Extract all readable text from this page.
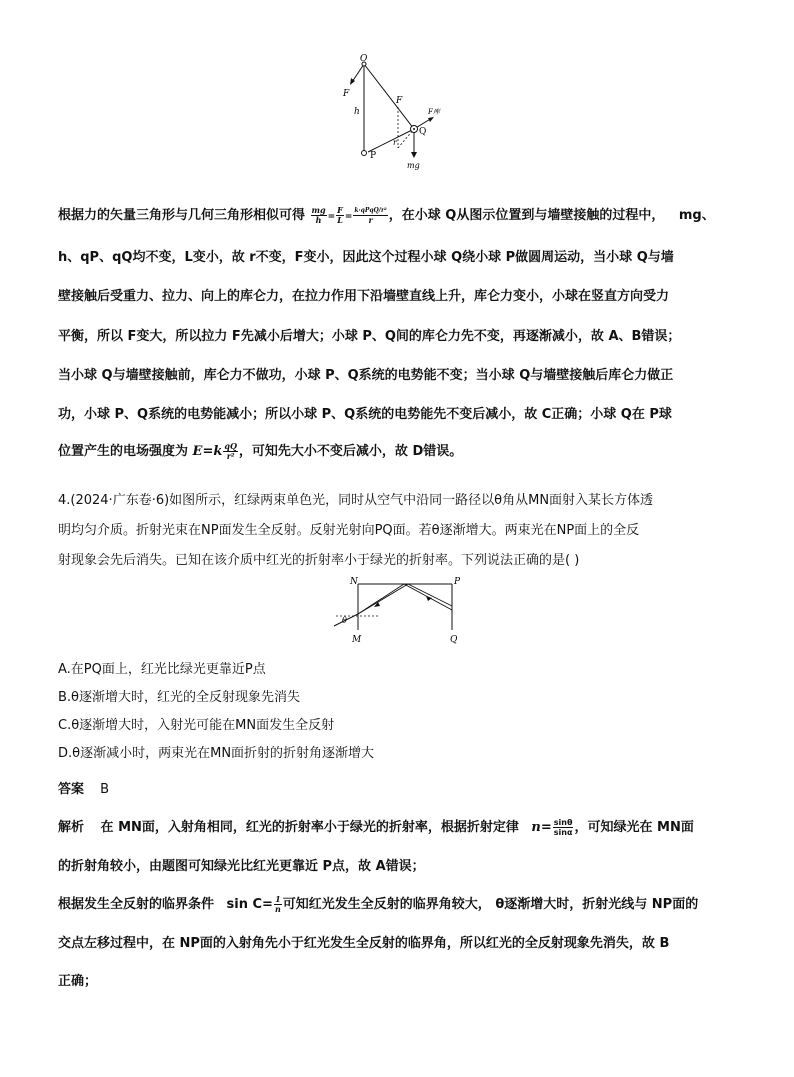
O
F
F
F库
Q
h
r
P
mg
根据力的矢量三角形与几何三角形相似可得 $\frac{mg}{h} = \frac{F}{L} = \frac{\text{k·qPqQ/r²}}{r}$ ，在小球 Q从图示位置到与墙壁接触的过程中， mg、
h、qP、qQ均不变，L变小，故 r不变，F变小，因此这个过程小球 Q绕小球 P做圆周运动，当小球 Q与墙
壁接触后受重力、拉力、向上的库仑力，在拉力作用下沿墙壁直线上升，库仑力变小，小球在竖直方向受力
平衡，所以 F变大，所以拉力 F先减小后增大；小球 P、Q间的库仑力先不变，再逐渐减小，故 A、B错误；
当小球 Q与墙壁接触前，库仑力不做功，小球 P、Q系统的电势能不变；当小球 Q与墙壁接触后库仑力做正
功，小球 P、Q系统的电势能减小；所以小球 P、Q系统的电势能先不变后减小，故 C正确；小球 Q在 P球
位置产生的电场强度为 $E=k \frac{qQ}{\text{r²}}$ ，可知先大小不变后减小，故 D错误。
4.(2024·广东卷·6)如图所示，红绿两束单色光，同时从空气中沿同一路径以θ角从MN面射入某长方体透
明均匀介质。折射光束在NP面发生全反射。反射光射向PQ面。若θ逐渐增大。两束光在NP面上的全反
射现象会先后消失。已知在该介质中红光的折射率小于绿光的折射率。下列说法正确的是( )
N	P
M	Q
θ
A.在PQ面上，红光比绿光更靠近P点
B.θ逐渐增大时，红光的全反射现象先消失
C.θ逐渐增大时，入射光可能在MN面发生全反射
D.θ逐渐减小时，两束光在MN面折射的折射角逐渐增大
答案 B
解析 在 MN面，入射角相同，红光的折射率小于绿光的折射率，根据折射定律 $n= \frac{\sin\theta}{\sin\alpha}$ ，可知绿光在 MN面
的折射角较小，由题图可知绿光比红光更靠近 P点，故 A错误；
根据发生全反射的临界条件 $\sin C= \frac{1}{n}$ 可知红光发生全反射的临界角较大， θ逐渐增大时，折射光线与 NP面的
交点左移过程中，在 NP面的入射角先小于红光发生全反射的临界角，所以红光的全反射现象先消失，故 B
正确；
